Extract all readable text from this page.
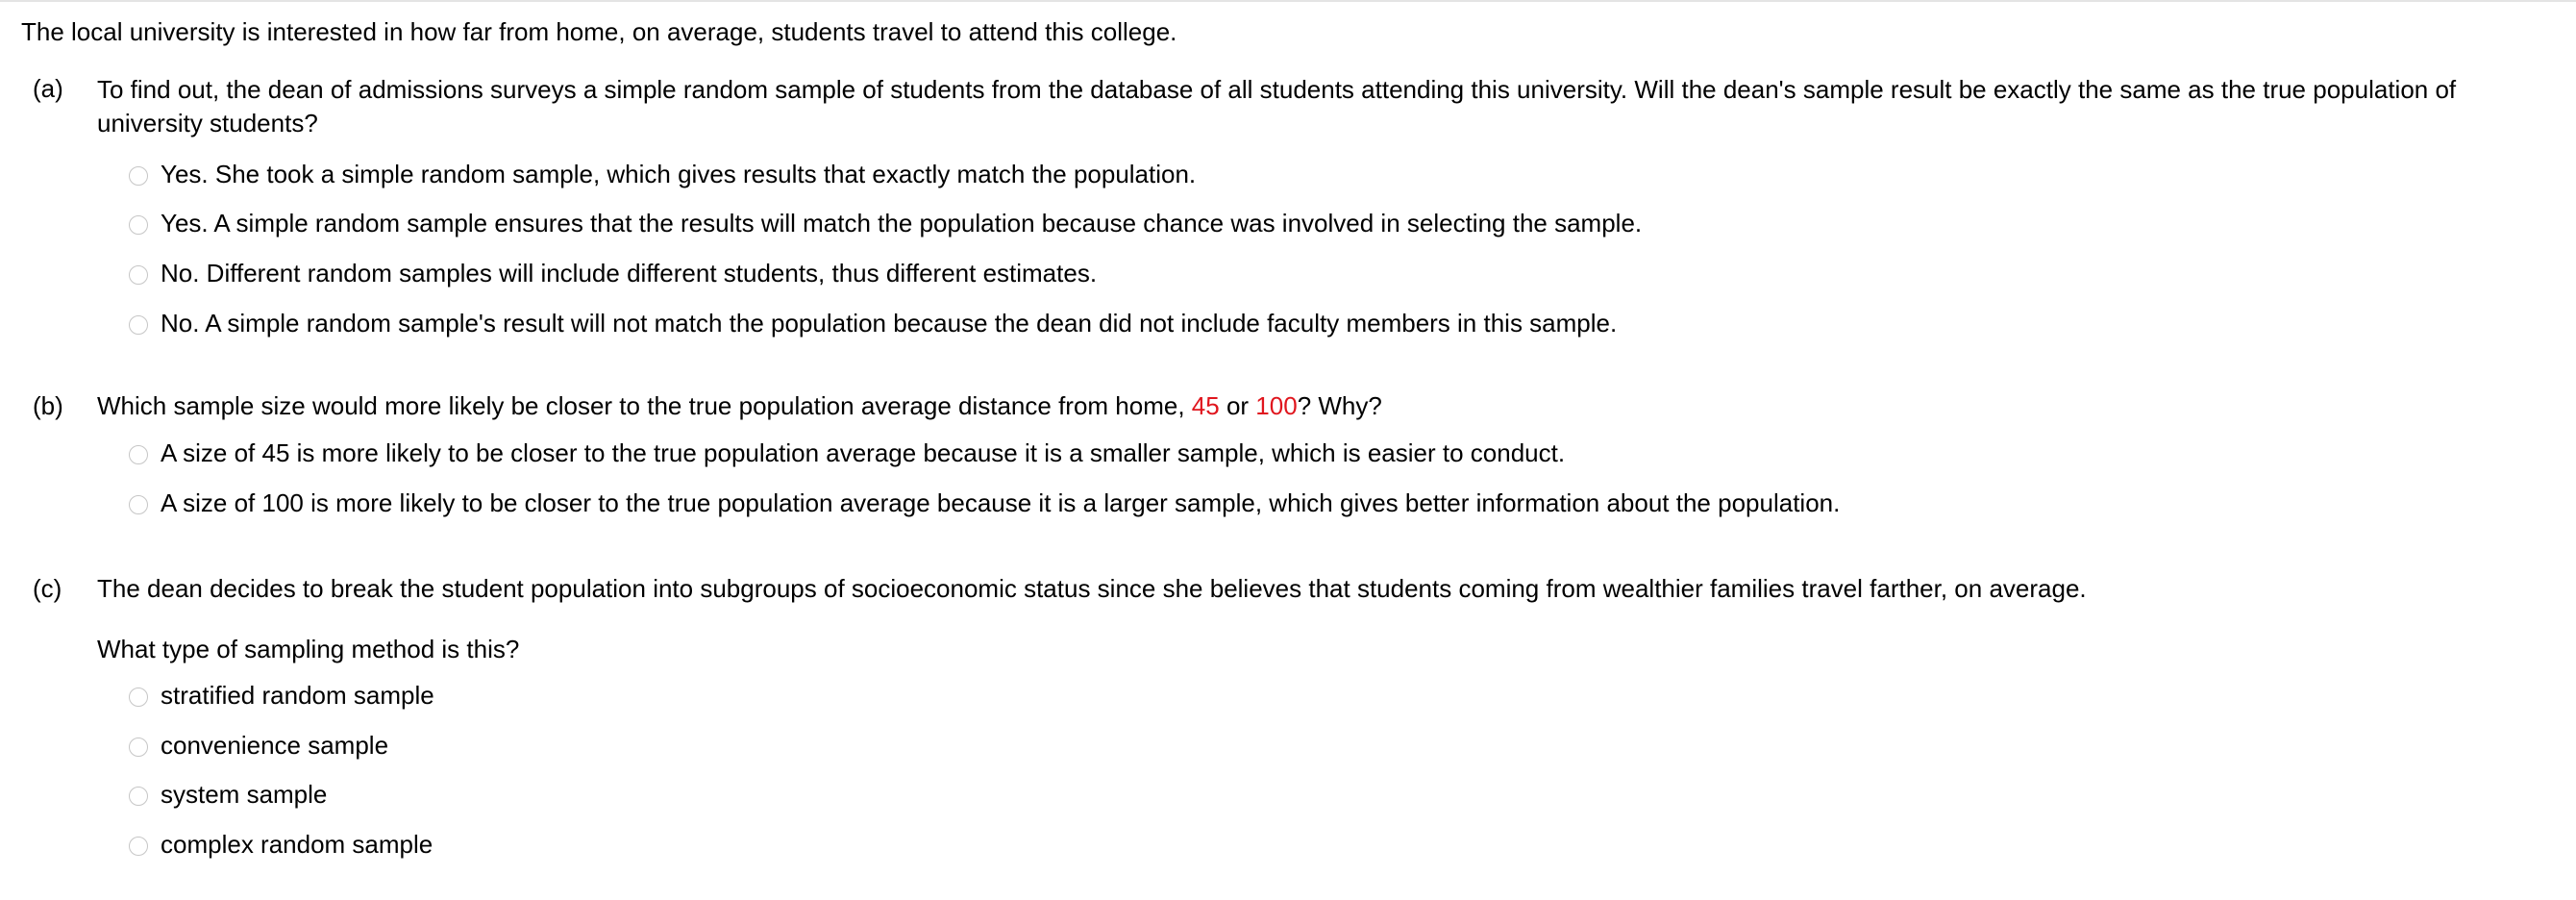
The local university is interested in how far from home, on average, students travel to attend this college.
(a) To find out, the dean of admissions surveys a simple random sample of students from the database of all students attending this university. Will the dean's sample result be exactly the same as the true population of university students?
Yes. She took a simple random sample, which gives results that exactly match the population.
Yes. A simple random sample ensures that the results will match the population because chance was involved in selecting the sample.
No. Different random samples will include different students, thus different estimates.
No. A simple random sample's result will not match the population because the dean did not include faculty members in this sample.
(b) Which sample size would more likely be closer to the true population average distance from home, 45 or 100? Why?
A size of 45 is more likely to be closer to the true population average because it is a smaller sample, which is easier to conduct.
A size of 100 is more likely to be closer to the true population average because it is a larger sample, which gives better information about the population.
(c) The dean decides to break the student population into subgroups of socioeconomic status since she believes that students coming from wealthier families travel farther, on average.
What type of sampling method is this?
stratified random sample
convenience sample
system sample
complex random sample
